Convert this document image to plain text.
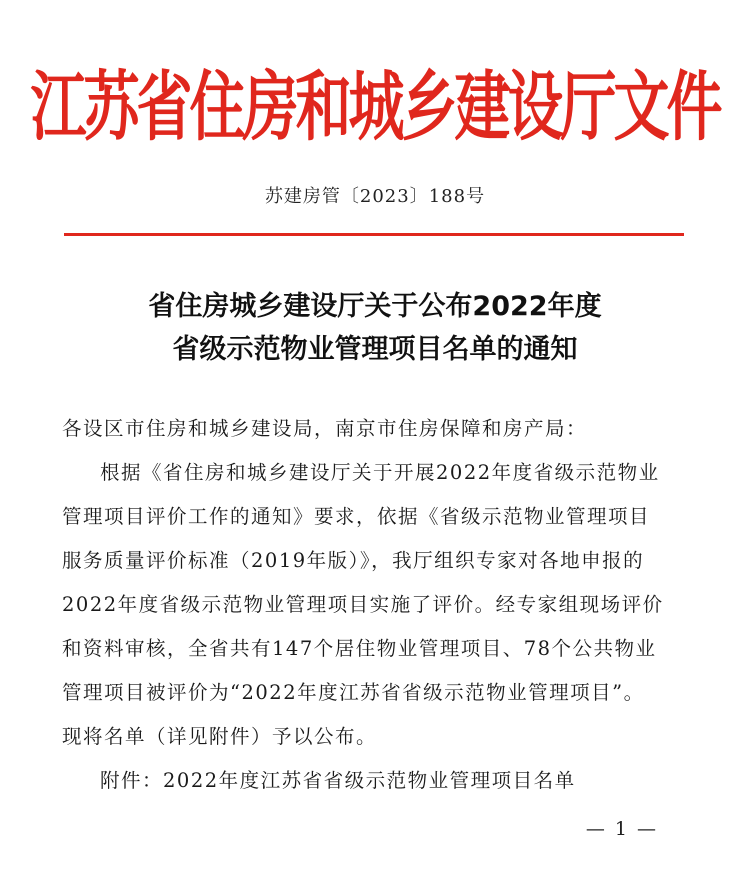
江苏省住房和城乡建设厅文件
苏建房管〔2023〕188号
省住房城乡建设厅关于公布2022年度
省级示范物业管理项目名单的通知
各设区市住房和城乡建设局，南京市住房保障和房产局：
根据《省住房和城乡建设厅关于开展2022年度省级示范物业
管理项目评价工作的通知》要求，依据《省级示范物业管理项目
服务质量评价标准（2019年版）》，我厅组织专家对各地申报的
2022年度省级示范物业管理项目实施了评价。经专家组现场评价
和资料审核，全省共有147个居住物业管理项目、78个公共物业
管理项目被评价为“2022年度江苏省省级示范物业管理项目”。
现将名单（详见附件）予以公布。
附件：2022年度江苏省省级示范物业管理项目名单
— 1 —
